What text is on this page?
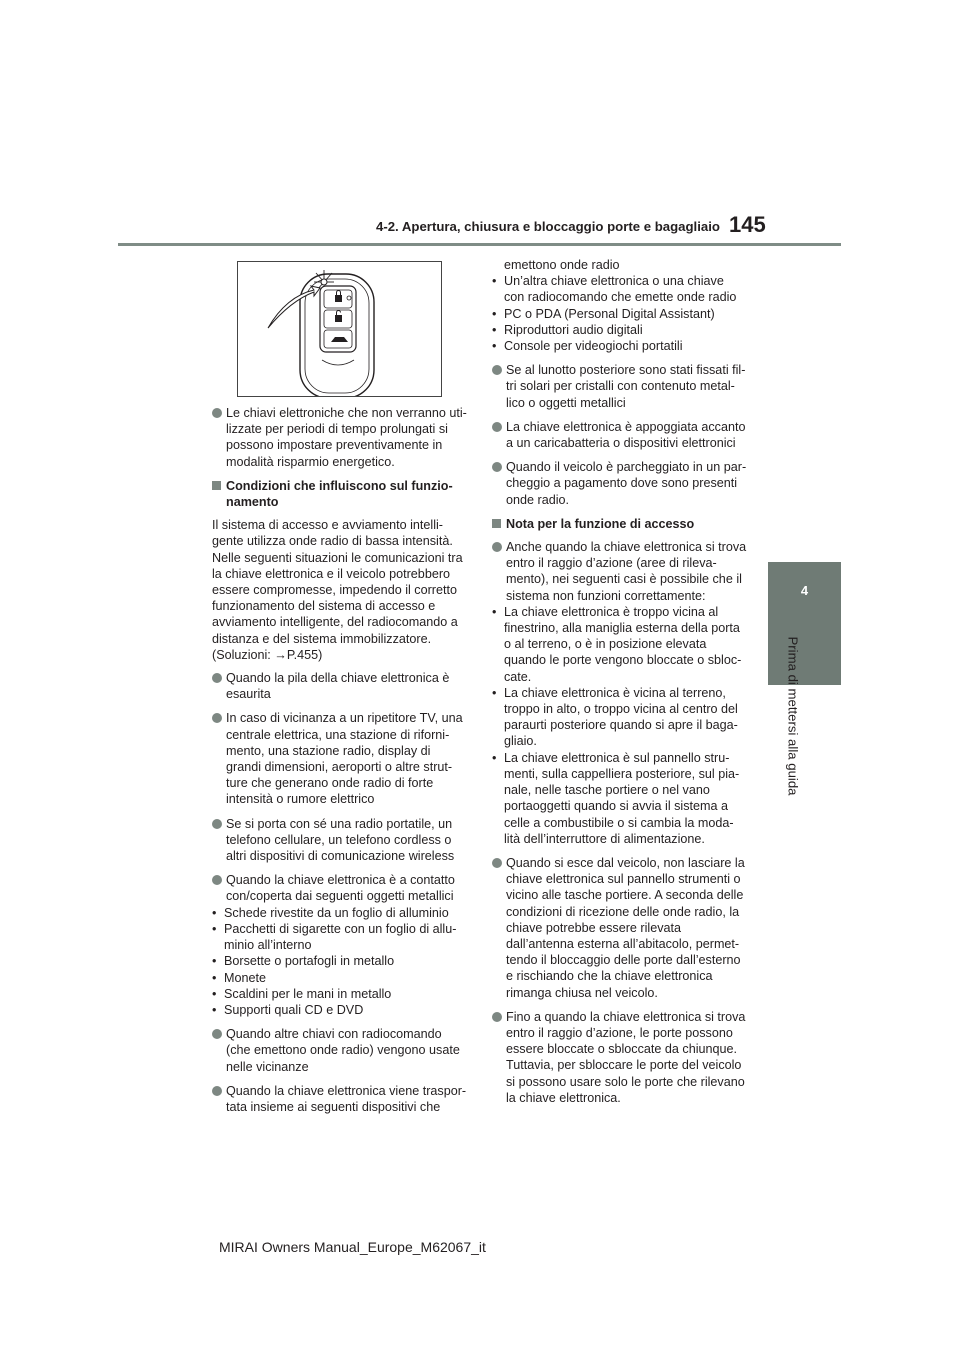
4-2. Apertura, chiusura e bloccaggio porte e bagagliaio 145
4
Prima di mettersi alla guida
Le chiavi elettroniche che non verranno uti-
lizzate per periodi di tempo prolungati si
possono impostare preventivamente in
modalità risparmio energetico.
Condizioni che influiscono sul funzio-
namento
Il sistema di accesso e avviamento intelli-
gente utilizza onde radio di bassa intensità.
Nelle seguenti situazioni le comunicazioni tra
la chiave elettronica e il veicolo potrebbero
essere compromesse, impedendo il corretto
funzionamento del sistema di accesso e
avviamento intelligente, del radiocomando a
distanza e del sistema immobilizzatore.
(Soluzioni: →P.455)
Quando la pila della chiave elettronica è
esaurita
In caso di vicinanza a un ripetitore TV, una
centrale elettrica, una stazione di riforni-
mento, una stazione radio, display di
grandi dimensioni, aeroporti o altre strut-
ture che generano onde radio di forte
intensità o rumore elettrico
Se si porta con sé una radio portatile, un
telefono cellulare, un telefono cordless o
altri dispositivi di comunicazione wireless
Quando la chiave elettronica è a contatto
con/coperta dai seguenti oggetti metallici
• Schede rivestite da un foglio di alluminio
• Pacchetti di sigarette con un foglio di allu-
minio all’interno
• Borsette o portafogli in metallo
• Monete
• Scaldini per le mani in metallo
• Supporti quali CD e DVD
Quando altre chiavi con radiocomando
(che emettono onde radio) vengono usate
nelle vicinanze
Quando la chiave elettronica viene traspor-
tata insieme ai seguenti dispositivi che
emettono onde radio
• Un’altra chiave elettronica o una chiave
con radiocomando che emette onde radio
• PC o PDA (Personal Digital Assistant)
• Riproduttori audio digitali
• Console per videogiochi portatili
Se al lunotto posteriore sono stati fissati fil-
tri solari per cristalli con contenuto metal-
lico o oggetti metallici
La chiave elettronica è appoggiata accanto
a un caricabatteria o dispositivi elettronici
Quando il veicolo è parcheggiato in un par-
cheggio a pagamento dove sono presenti
onde radio.
Nota per la funzione di accesso
Anche quando la chiave elettronica si trova
entro il raggio d’azione (aree di rileva-
mento), nei seguenti casi è possibile che il
sistema non funzioni correttamente:
• La chiave elettronica è troppo vicina al
finestrino, alla maniglia esterna della porta
o al terreno, o è in posizione elevata
quando le porte vengono bloccate o sbloc-
cate.
• La chiave elettronica è vicina al terreno,
troppo in alto, o troppo vicina al centro del
paraurti posteriore quando si apre il baga-
gliaio.
• La chiave elettronica è sul pannello stru-
menti, sulla cappelliera posteriore, sul pia-
nale, nelle tasche portiere o nel vano
portaoggetti quando si avvia il sistema a
celle a combustibile o si cambia la moda-
lità dell’interruttore di alimentazione.
Quando si esce dal veicolo, non lasciare la
chiave elettronica sul pannello strumenti o
vicino alle tasche portiere. A seconda delle
condizioni di ricezione delle onde radio, la
chiave potrebbe essere rilevata
dall’antenna esterna all’abitacolo, permet-
tendo il bloccaggio delle porte dall’esterno
e rischiando che la chiave elettronica
rimanga chiusa nel veicolo.
Fino a quando la chiave elettronica si trova
entro il raggio d’azione, le porte possono
essere bloccate o sbloccate da chiunque.
Tuttavia, per sbloccare le porte del veicolo
si possono usare solo le porte che rilevano
la chiave elettronica.
MIRAI Owners Manual_Europe_M62067_it
